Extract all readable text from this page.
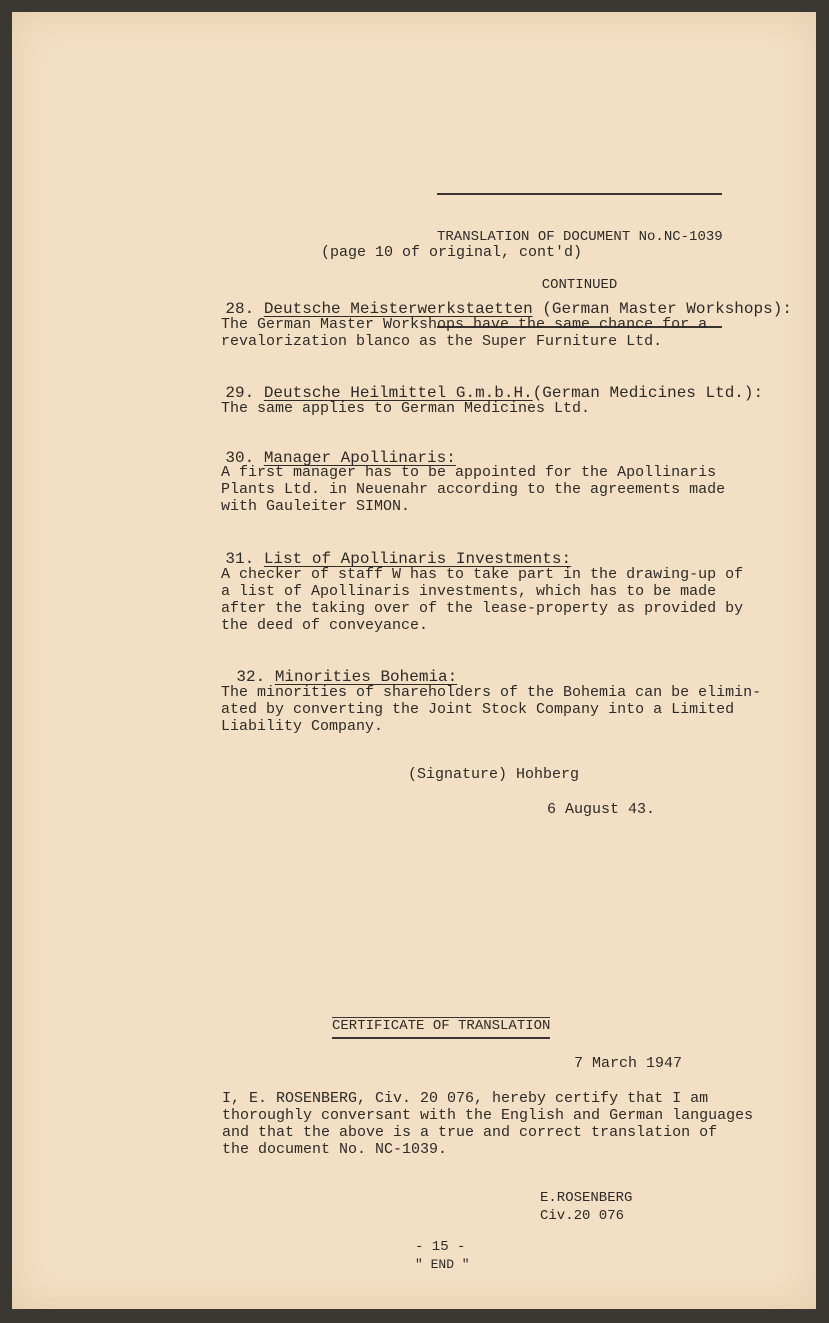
TRANSLATION OF DOCUMENT No.NC-1039

CONTINUED

(page 10 of original, cont'd)

28. Deutsche Meisterwerkstaetten (German Master Workshops):

The German Master Workshops have the same chance for a
revalorization blanco as the Super Furniture Ltd.

29. Deutsche Heilmittel G.m.b.H.(German Medicines Ltd.):

The same applies to German Medicines Ltd.

30. Manager Apollinaris:

A first manager has to be appointed for the Apollinaris
Plants Ltd. in Neuenahr according to the agreements made
with Gauleiter SIMON.

31. List of Apollinaris Investments:

A checker of staff W has to take part in the drawing-up of
a list of Apollinaris investments, which has to be made
after the taking over of the lease-property as provided by
the deed of conveyance.

32. Minorities Bohemia:

The minorities of shareholders of the Bohemia can be elimin-
ated by converting the Joint Stock Company into a Limited
Liability Company.
(Signature) Hohberg
6 August 43.
CERTIFICATE OF TRANSLATION
7 March 1947
I, E. ROSENBERG, Civ. 20 076, hereby certify that I am
thoroughly conversant with the English and German languages
and that the above is a true and correct translation of
the document No. NC-1039.
E.ROSENBERG
Civ.20 076
- 15 -
" END "
